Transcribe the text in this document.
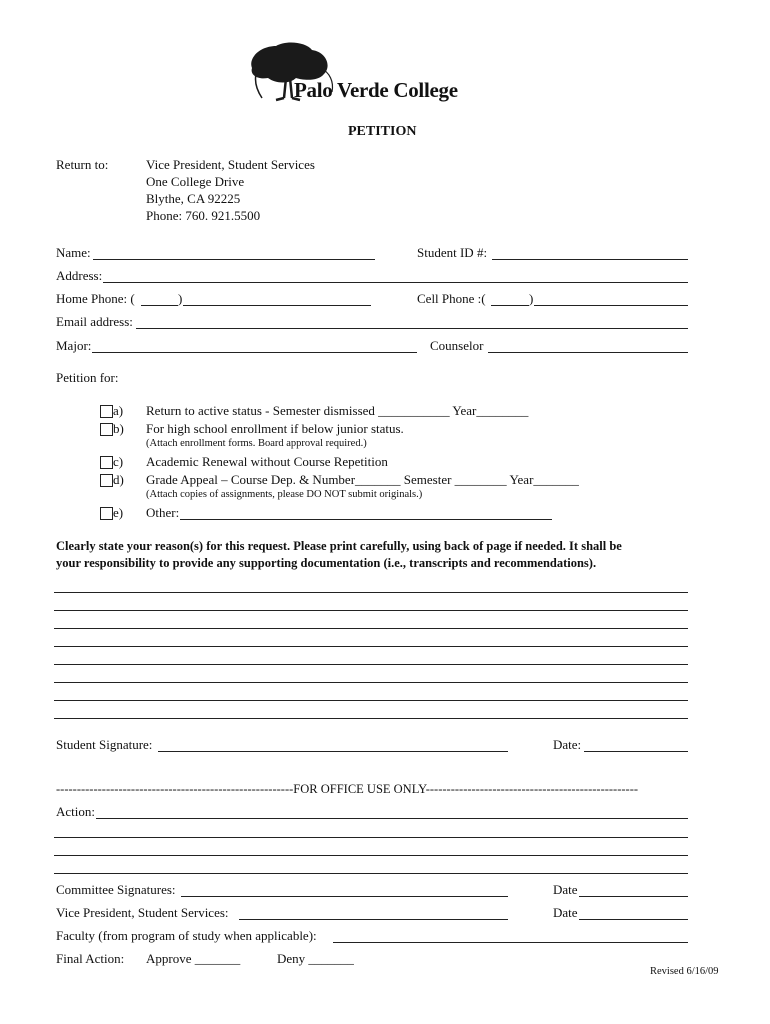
Palo Verde College
PETITION
Return to:	Vice President, Student Services
One College Drive
Blythe, CA 92225
Phone: 760. 921.5500
Name:	Student ID #:
Address:
Home Phone: (	)	Cell Phone :(	)
Email address:
Major:	Counselor
Petition for:
a) Return to active status - Semester dismissed ___________ Year________
b) For high school enrollment if below junior status.
(Attach enrollment forms. Board approval required.)
c) Academic Renewal without Course Repetition
d) Grade Appeal – Course Dep. & Number_______ Semester ________ Year_______
(Attach copies of assignments, please DO NOT submit originals.)
e) Other:
Clearly state your reason(s) for this request. Please print carefully, using back of page if needed. It shall be
your responsibility to provide any supporting documentation (i.e., transcripts and recommendations).
Student Signature:	Date:
---------------------------------------------------------FOR OFFICE USE ONLY---------------------------------------------------
Action:
Committee Signatures:	Date
Vice President, Student Services:	Date
Faculty (from program of study when applicable):
Final Action: Approve _______	Deny _______
Revised 6/16/09
